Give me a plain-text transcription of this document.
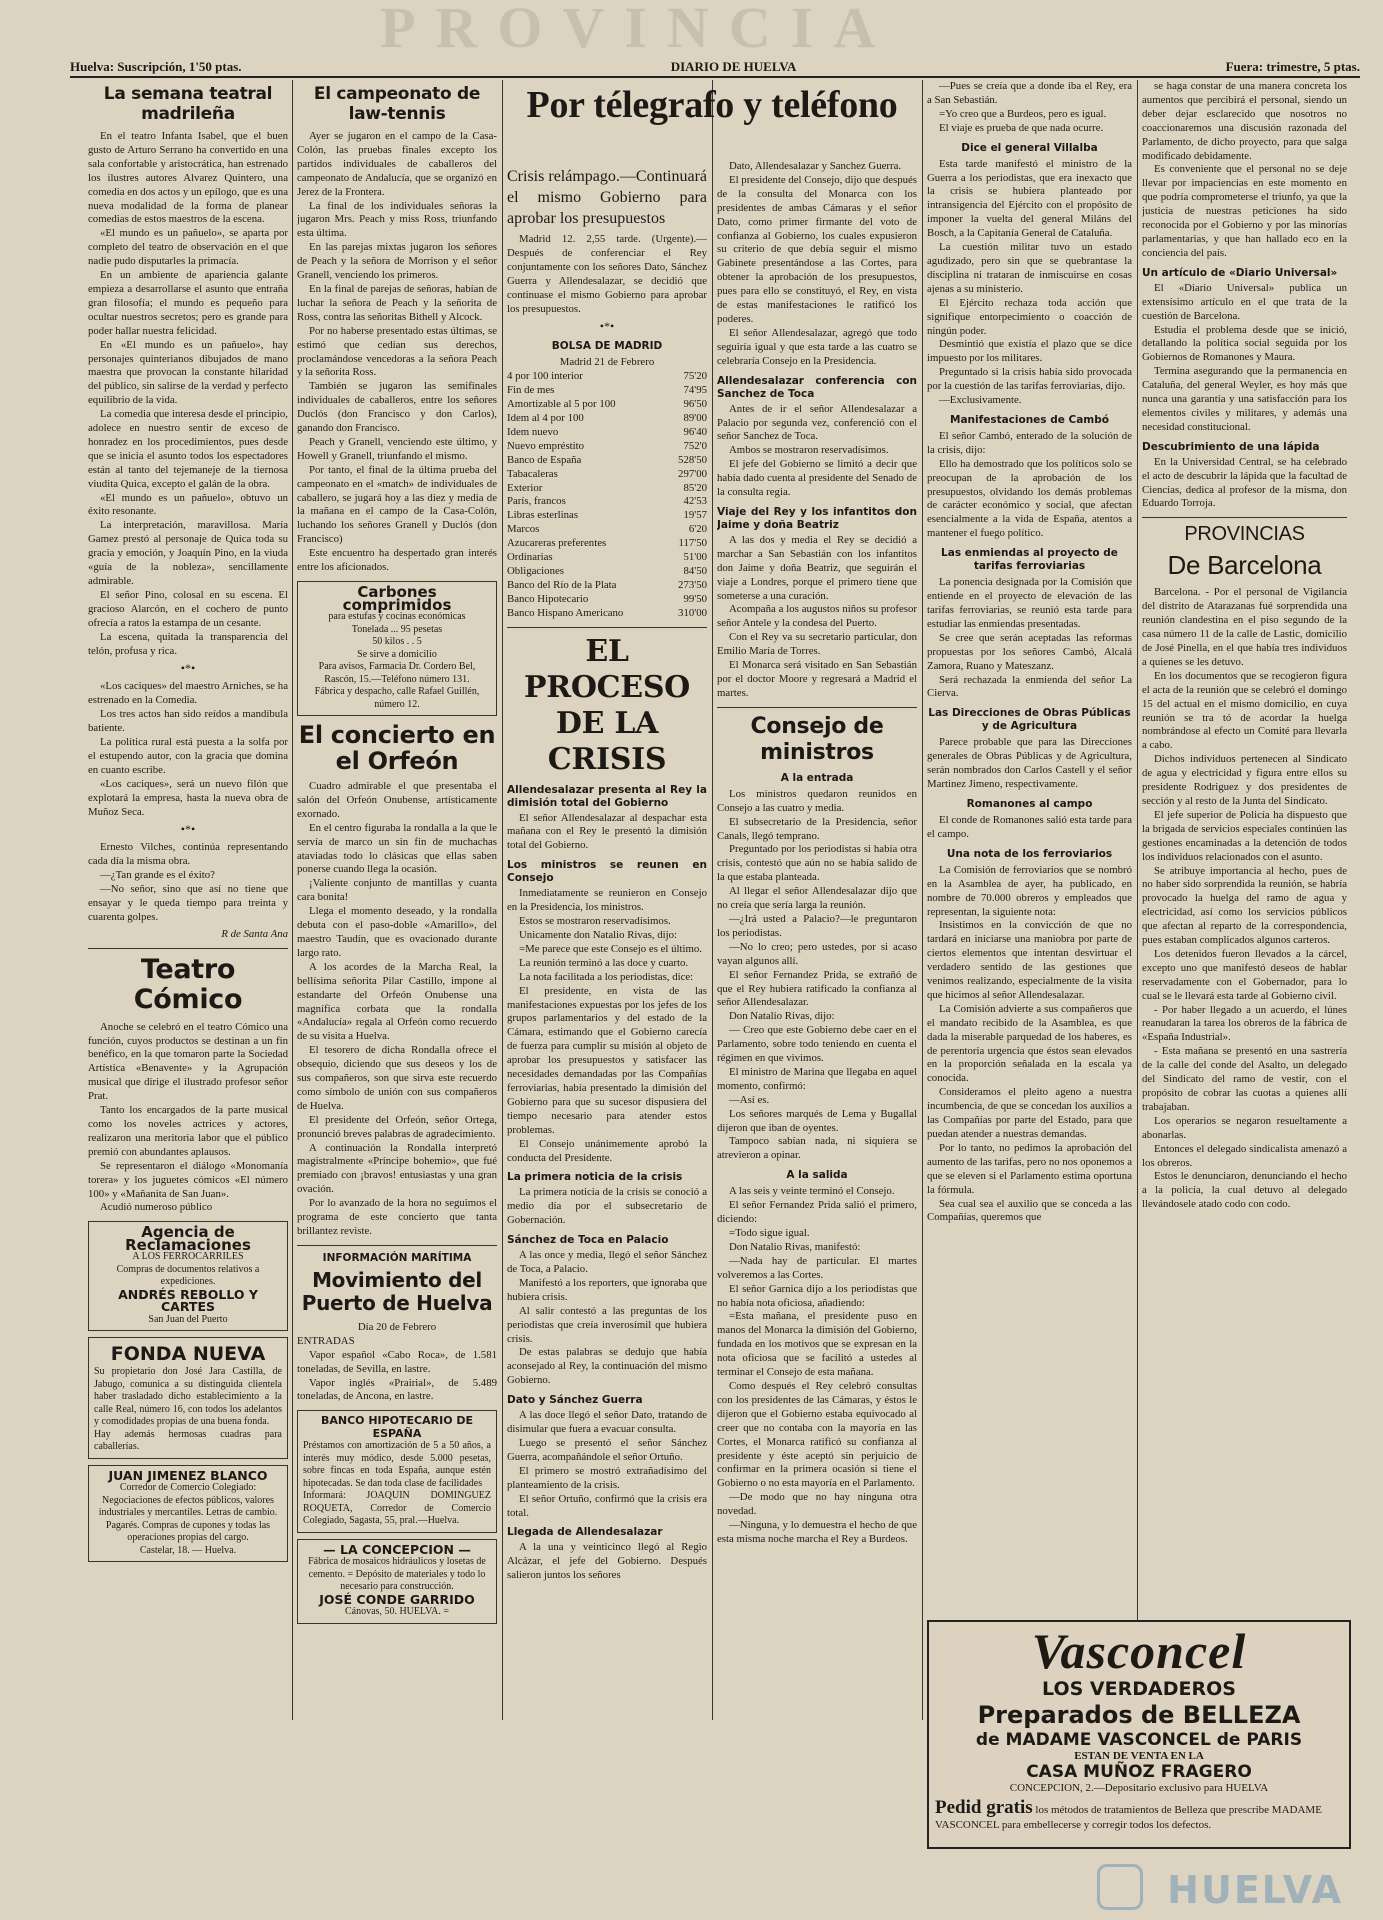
PROVINCIA
Huelva: Suscripción, 1'50 ptas.	DIARIO DE HUELVA	Fuera: trimestre, 5 ptas.
La semana teatral madrileña

En el teatro Infanta Isabel, que el buen gusto de Arturo Serrano ha convertido en una sala confortable y aristocrática, han estrenado los ilustres autores Alvarez Quintero, una comedia en dos actos y un epílogo, que es una nueva modalidad de la forma de planear comedias de estos maestros de la escena.

«El mundo es un pañuelo», se aparta por completo del teatro de observación en el que nadie pudo disputarles la primacía.

En un ambiente de apariencia galante empieza a desarrollarse el asunto que entraña gran filosofía; el mundo es pequeño para ocultar nuestros secretos; pero es grande para poder hallar nuestra felicidad.

En «El mundo es un pañuelo», hay personajes quinterianos dibujados de mano maestra que provocan la constante hilaridad del público, sin salirse de la verdad y perfecto equilibrio de la vida.

La comedia que interesa desde el principio, adolece en nuestro sentir de exceso de honradez en los procedimientos, pues desde que se inicia el asunto todos los espectadores están al tanto del tejemaneje de la tiernosa viudita Quica, excepto el galán de la obra.

«El mundo es un pañuelo», obtuvo un éxito resonante.

La interpretación, maravillosa. María Gamez prestó al personaje de Quica toda su gracia y emoción, y Joaquín Pino, en la viuda «guía de la nobleza», sencillamente admirable.

El señor Pino, colosal en su escena. El gracioso Alarcón, en el cochero de punto ofrecía a ratos la estampa de un cesante.

La escena, quitada la transparencia del telón, profusa y rica.

•*•

«Los caciques» del maestro Arniches, se ha estrenado en la Comedia.

Los tres actos han sido reídos a mandíbula batiente.

La política rural está puesta a la solfa por el estupendo autor, con la gracia que domina en cuanto escribe.

«Los caciques», será un nuevo filón que explotará la empresa, hasta la nueva obra de Muñoz Seca.

•*•

Ernesto Vilches, continúa representando cada día la misma obra.

—¿Tan grande es el éxito?

—No señor, sino que así no tiene que ensayar y le queda tiempo para treinta y cuarenta golpes.

R de Santa Ana
Teatro Cómico

Anoche se celebró en el teatro Cómico una función, cuyos productos se destinan a un fin benéfico, en la que tomaron parte la Sociedad Artística «Benavente» y la Agrupación musical que dirige el ilustrado profesor señor Prat.

Tanto los encargados de la parte musical como los noveles actrices y actores, realizaron una meritoria labor que el público premió con abundantes aplausos.

Se representaron el diálogo «Monomanía torera» y los juguetes cómicos «El número 100» y «Mañanita de San Juan».

Acudió numeroso público

Agencia de Reclamaciones
A LOS FERROCARRILES
Compras de documentos relativos a expediciones.
ANDRÉS REBOLLO Y CARTES
San Juan del Puerto
FONDA NUEVA
Su propietario don José Jara Castilla, de Jabugo, comunica a su distinguida clientela haber trasladado dicho establecimiento a la calle Real, número 16, con todos los adelantos y comodidades propias de una buena fonda.
Hay además hermosas cuadras para caballerías.
JUAN JIMENEZ BLANCO
Corredor de Comercio Colegiado:
Negociaciones de efectos públicos, valores industriales y mercantiles. Letras de cambio. Pagarés. Compras de cupones y todas las operaciones propias del cargo.
Castelar, 18. — Huelva.
El campeonato de law-tennis

Ayer se jugaron en el campo de la Casa-Colón, las pruebas finales excepto los partidos individuales de caballeros del campeonato de Andalucía, que se organizó en Jerez de la Frontera.

La final de los individuales señoras la jugaron Mrs. Peach y miss Ross, triunfando esta última.

En las parejas mixtas jugaron los señores de Peach y la señora de Morrison y el señor Granell, venciendo los primeros.

En la final de parejas de señoras, habían de luchar la señora de Peach y la señorita de Ross, contra las señoritas Bithell y Alcock.

Por no haberse presentado estas últimas, se estimó que cedían sus derechos, proclamándose vencedoras a la señora Peach y la señorita Ross.

También se jugaron las semifinales individuales de caballeros, entre los señores Duclós (don Francisco y don Carlos), ganando don Francisco.

Peach y Granell, venciendo este último, y Howell y Granell, triunfando el mismo.

Por tanto, el final de la última prueba del campeonato en el «match» de individuales de caballero, se jugará hoy a las diez y media de la mañana en el campo de la Casa-Colón, luchando los señores Granell y Duclós (don Francisco)

Este encuentro ha despertado gran interés entre los aficionados.

Carbones comprimidos
para estufas y cocinas económicas
Tonelada ... 95 pesetas
50 kilos . . 5
Se sirve a domicilio
Para avisos, Farmacia Dr. Cordero Bel, Rascón, 15.—Teléfono número 131.
Fábrica y despacho, calle Rafael Guillén, número 12.
El concierto en el Orfeón

Cuadro admirable el que presentaba el salón del Orfeón Onubense, artísticamente exornado.

En el centro figuraba la rondalla a la que le servía de marco un sin fin de muchachas ataviadas todo lo clásicas que ellas saben ponerse cuando llega la ocasión.

¡Valiente conjunto de mantillas y cuanta cara bonita!

Llega el momento deseado, y la rondalla debuta con el paso-doble «Amarillo», del maestro Taudín, que es ovacionado durante largo rato.

A los acordes de la Marcha Real, la bellísima señorita Pilar Castillo, impone al estandarte del Orfeón Onubense una magnífica corbata que la rondalla «Andalucía» regala al Orfeón como recuerdo de su visita a Huelva.

El tesorero de dicha Rondalla ofrece el obsequio, diciendo que sus deseos y los de sus compañeros, son que sirva este recuerdo como símbolo de unión con sus compañeros de Huelva.

El presidente del Orfeón, señor Ortega, pronunció breves palabras de agradecimiento.

A continuación la Rondalla interpretó magistralmente «Príncipe bohemio», que fué premiado con ¡bravos! entusiastas y una gran ovación.

Por lo avanzado de la hora no seguimos el programa de este concierto que tanta brillantez reviste.

INFORMACIÓN MARÍTIMA
Movimiento del Puerto de Huelva
Día 20 de Febrero
ENTRADAS

Vapor español «Cabo Roca», de 1.581 toneladas, de Sevilla, en lastre.

Vapor inglés «Prairial», de 5.489 toneladas, de Ancona, en lastre.

BANCO HIPOTECARIO DE ESPAÑA
Préstamos con amortización de 5 a 50 años, a interés muy módico, desde 5.000 pesetas, sobre fincas en toda España, aunque estén hipotecadas. Se dan toda clase de facilidades
Informará: JOAQUIN DOMINGUEZ ROQUETA, Corredor de Comercio Colegiado, Sagasta, 55, pral.—Huelva.
— LA CONCEPCION —
Fábrica de mosaicos hidráulicos y losetas de cemento. = Depósito de materiales y todo lo necesario para construcción.
JOSÉ CONDE GARRIDO
Cánovas, 50. HUELVA. =
Por télegrafo y teléfono
Crisis relámpago.—Continuará el mismo Gobierno para aprobar los presupuestos

Madrid 12. 2,55 tarde. (Urgente).— Después de conferenciar el Rey conjuntamente con los señores Dato, Sánchez Guerra y Allendesalazar, se decidió que continuase el mismo Gobierno para aprobar los presupuestos.

•*•
BOLSA DE MADRID
Madrid 21 de Febrero
4 por 100 interior	75'20
Fin de mes	74'95
Amortizable al 5 por 100	96'50
Idem al 4 por 100	89'00
Idem nuevo	96'40
Nuevo empréstito	752'0
Banco de España	528'50
Tabacaleras	297'00
Exterior	85'20
París, francos	42'53
Libras esterlinas	19'57
Marcos	6'20
Azucareras preferentes	117'50
Ordinarias	51'00
Obligaciones	84'50
Banco del Río de la Plata	273'50
Banco Hipotecario	99'50
Banco Hispano Americano	310'00
EL PROCESO DE LA CRISIS
Allendesalazar presenta al Rey la dimisión total del Gobierno

El señor Allendesalazar al despachar esta mañana con el Rey le presentó la dimisión total del Gobierno.

Los ministros se reunen en Consejo

Inmediatamente se reunieron en Consejo en la Presidencia, los ministros.

Estos se mostraron reservadísimos.

Unicamente don Natalio Rivas, dijo:

=Me parece que este Consejo es el último.

La reunión terminó a las doce y cuarto.

La nota facilitada a los periodistas, dice:

El presidente, en vista de las manifestaciones expuestas por los jefes de los grupos parlamentarios y del estado de la Cámara, estimando que el Gobierno carecía de fuerza para cumplir su misión al objeto de aprobar los presupuestos y satisfacer las necesidades demandadas por las Compañías ferroviarias, había presentado la dimisión del Gobierno para que su sucesor dispusiera del tiempo necesario para atender estos problemas.

El Consejo unánimemente aprobó la conducta del Presidente.

La primera noticia de la crisis

La primera noticia de la crisis se conoció a medio día por el subsecretario de Gobernación.

Sánchez de Toca en Palacio

A las once y media, llegó el señor Sánchez de Toca, a Palacio.

Manifestó a los reporters, que ignoraba que hubiera crisis.

Al salir contestó a las preguntas de los periodistas que creía inverosímil que hubiera crisis.

De estas palabras se dedujo que había aconsejado al Rey, la continuación del mismo Gobierno.

Dato y Sánchez Guerra

A las doce llegó el señor Dato, tratando de disimular que fuera a evacuar consulta.

Luego se presentó el señor Sánchez Guerra, acompañándole el señor Ortuño.

El primero se mostró extrañadísimo del planteamiento de la crisis.

El señor Ortuño, confirmó que la crisis era total.

Llegada de Allendesalazar

A la una y veinticinco llegó al Regio Alcázar, el jefe del Gobierno. Después salieron juntos los señores

Dato, Allendesalazar y Sanchez Guerra.

El presidente del Consejo, dijo que después de la consulta del Monarca con los presidentes de ambas Cámaras y el señor Dato, como primer firmante del voto de confianza al Gobierno, los cuales expusieron su criterio de que debía seguir el mismo Gabinete presentándose a las Cortes, para obtener la aprobación de los presupuestos, pues para ello se constituyó, el Rey, en vista de estas manifestaciones le ratificó los poderes.

El señor Allendesalazar, agregó que todo seguiría igual y que esta tarde a las cuatro se celebraría Consejo en la Presidencia.

Allendesalazar conferencia con Sanchez de Toca

Antes de ir el señor Allendesalazar a Palacio por segunda vez, conferenció con el señor Sanchez de Toca.

Ambos se mostraron reservadísimos.

El jefe del Gobierno se limitó a decir que había dado cuenta al presidente del Senado de la consulta regia.

Viaje del Rey y los infantitos don Jaime y doña Beatriz

A las dos y media el Rey se decidió a marchar a San Sebastián con los infantitos don Jaime y doña Beatriz, que seguirán el viaje a Londres, porque el primero tiene que someterse a una curación.

Acompaña a los augustos niños su profesor señor Antele y la condesa del Puerto.

Con el Rey va su secretario particular, don Emilio María de Torres.

El Monarca será visitado en San Sebastián por el doctor Moore y regresará a Madrid el martes.

Consejo de ministros
A la entrada

Los ministros quedaron reunidos en Consejo a las cuatro y media.

El subsecretario de la Presidencia, señor Canals, llegó temprano.

Preguntado por los periodistas si había otra crisis, contestó que aún no se había salido de la que estaba planteada.

Al llegar el señor Allendesalazar dijo que no creía que sería larga la reunión.

—¿Irá usted a Palacio?—le preguntaron los periodistas.

—No lo creo; pero ustedes, por si acaso vayan algunos allí.

El señor Fernandez Prida, se extrañó de que el Rey hubiera ratificado la confianza al señor Allendesalazar.

Don Natalio Rivas, dijo:

— Creo que este Gobierno debe caer en el Parlamento, sobre todo teniendo en cuenta el régimen en que vivimos.

El ministro de Marina que llegaba en aquel momento, confirmó:

—Así es.

Los señores marqués de Lema y Bugallal dijeron que iban de oyentes.

Tampoco sabían nada, ni siquiera se atrevieron a opinar.

A la salida

A las seis y veinte terminó el Consejo.

El señor Fernandez Prida salió el primero, diciendo:

=Todo sigue igual.

Don Natalio Rivas, manifestó:

—Nada hay de particular. El martes volveremos a las Cortes.

El señor Garnica dijo a los periodistas que no había nota oficiosa, añadiendo:

=Esta mañana, el presidente puso en manos del Monarca la dimisión del Gobierno, fundada en los motivos que se expresan en la nota oficiosa que se facilitó a ustedes al terminar el Consejo de esta mañana.

Como después el Rey celebró consultas con los presidentes de las Cámaras, y éstos le dijeron que el Gobierno estaba equivocado al creer que no contaba con la mayoría en las Cortes, el Monarca ratificó su confianza al presidente y éste aceptó sin perjuicio de confirmar en la primera ocasión si tiene el Gobierno o no esta mayoría en el Parlamento.

—De modo que no hay ninguna otra novedad.

—Ninguna, y lo demuestra el hecho de que esta misma noche marcha el Rey a Burdeos.

—Pues se creía que a donde iba el Rey, era a San Sebastián.

=Yo creo que a Burdeos, pero es igual.

El viaje es prueba de que nada ocurre.

Dice el general Villalba

Esta tarde manifestó el ministro de la Guerra a los periodistas, que era inexacto que la crisis se hubiera planteado por intransigencia del Ejército con el propósito de imponer la vuelta del general Miláns del Bosch, a la Capitanía General de Cataluña.

La cuestión militar tuvo un estado agudizado, pero sin que se quebrantase la disciplina ni trataran de inmiscuirse en cosas ajenas a su ministerio.

El Ejército rechaza toda acción que signifique entorpecimiento o coacción de ningún poder.

Desmintió que existía el plazo que se dice impuesto por los militares.

Preguntado si la crisis había sido provocada por la cuestión de las tarifas ferroviarias, dijo.

—Exclusivamente.

Manifestaciones de Cambó

El señor Cambó, enterado de la solución de la crisis, dijo:

Ello ha demostrado que los políticos solo se preocupan de la aprobación de los presupuestos, olvidando los demás problemas de carácter económico y social, que afectan esencialmente a la vida de España, atentos a mantener el fuego político.

Las enmiendas al proyecto de tarifas ferroviarias

La ponencia designada por la Comisión que entiende en el proyecto de elevación de las tarifas ferroviarias, se reunió esta tarde para estudiar las enmiendas presentadas.

Se cree que serán aceptadas las reformas propuestas por los señores Cambó, Alcalá Zamora, Ruano y Mateszanz.

Será rechazada la enmienda del señor La Cierva.

Las Direcciones de Obras Públicas y de Agricultura

Parece probable que para las Direcciones generales de Obras Públicas y de Agricultura, serán nombrados don Carlos Castell y el señor Martinez Jimeno, respectivamente.

Romanones al campo

El conde de Romanones salió esta tarde para el campo.

Una nota de los ferroviarios

La Comisión de ferroviarios que se nombró en la Asamblea de ayer, ha publicado, en nombre de 70.000 obreros y empleados que representan, la siguiente nota:

Insistimos en la convicción de que no tardará en iniciarse una maniobra por parte de ciertos elementos que intentan desvirtuar el verdadero sentido de las gestiones que venimos realizando, especialmente de la visita que hicimos al señor Allendesalazar.

La Comisión advierte a sus compañeros que el mandato recibido de la Asamblea, es que dada la miserable parquedad de los haberes, es de perentoria urgencia que éstos sean elevados en la proporción señalada en la escala ya conocida.

Consideramos el pleito ageno a nuestra incumbencia, de que se concedan los auxilios a las Compañías por parte del Estado, para que puedan atender a nuestras demandas.

Por lo tanto, no pedimos la aprobación del aumento de las tarifas, pero no nos oponemos a que se eleven si el Parlamento estima oportuna la fórmula.

Sea cual sea el auxilio que se conceda a las Compañías, queremos que

se haga constar de una manera concreta los aumentos que percibirá el personal, siendo un deber dejar esclarecido que nosotros no coaccionaremos una discusión razonada del Parlamento, de dicho proyecto, para que salga modificado debidamente.

Es conveniente que el personal no se deje llevar por impaciencias en este momento en que podría comprometerse el triunfo, ya que la justicia de nuestras peticiones ha sido reconocida por el Gobierno y por las minorías parlamentarias, y que han hallado eco en la conciencia del país.

Un artículo de «Diario Universal»

El «Diario Universal» publica un extensísimo artículo en el que trata de la cuestión de Barcelona.

Estudia el problema desde que se inició, detallando la política social seguida por los Gobiernos de Romanones y Maura.

Termina asegurando que la permanencia en Cataluña, del general Weyler, es hoy más que nunca una garantía y una satisfacción para los elementos civiles y militares, y además una necesidad constitucional.

Descubrimiento de una lápida

En la Universidad Central, se ha celebrado el acto de descubrir la lápida que la facultad de Ciencias, dedica al profesor de la misma, don Eduardo Torroja.

PROVINCIAS
De Barcelona

Barcelona. - Por el personal de Vigilancia del distrito de Atarazanas fué sorprendida una reunión clandestina en el piso segundo de la casa número 11 de la calle de Lastic, domicilio de José Pinella, en el que había tres individuos a quienes se les detuvo.

En los documentos que se recogieron figura el acta de la reunión que se celebró el domingo 15 del actual en el mismo domicilio, en cuya reunión se tra tó de acordar la huelga nombrándose al efecto un Comité para llevarla a cabo.

Dichos individuos pertenecen al Sindicato de agua y electricidad y figura entre ellos su presidente Rodriguez y dos presidentes de sección y al resto de la Junta del Sindicato.

El jefe superior de Policía ha dispuesto que la brigada de servicios especiales continúen las gestiones encaminadas a la detención de todos los individuos relacionados con el asunto.

Se atribuye importancia al hecho, pues de no haber sido sorprendida la reunión, se habría provocado la huelga del ramo de agua y electricidad, así como los servicios públicos que afectan al reparto de la correspondencia, pues estaban complicados algunos carteros.

Los detenidos fueron llevados a la cárcel, excepto uno que manifestó deseos de hablar reservadamente con el Gobernador, para lo cual se le llevará esta tarde al Gobierno civil.

- Por haber llegado a un acuerdo, el lúnes reanudaran la tarea los obreros de la fábrica de «España Industrial».

- Esta mañana se presentó en una sastrería de la calle del conde del Asalto, un delegado del Sindicato del ramo de vestir, con el propósito de cobrar las cuotas a quienes allí trabajaban.

Los operarios se negaron resueltamente a abonarlas.

Entonces el delegado sindicalista amenazó a los obreros.

Estos le denunciaron, denunciando el hecho a la policía, la cual detuvo al delegado llevándosele atado codo con codo.

Vasconcel
LOS VERDADEROS
Preparados de BELLEZA
de MADAME VASCONCEL de PARIS
ESTAN DE VENTA EN LA
CASA MUÑOZ FRAGERO
CONCEPCION, 2.—Depositario exclusivo para HUELVA
Pedid gratis los métodos de tratamientos de Belleza que prescribe MADAME VASCONCEL para embellecerse y corregir todos los defectos.
HUELVA
